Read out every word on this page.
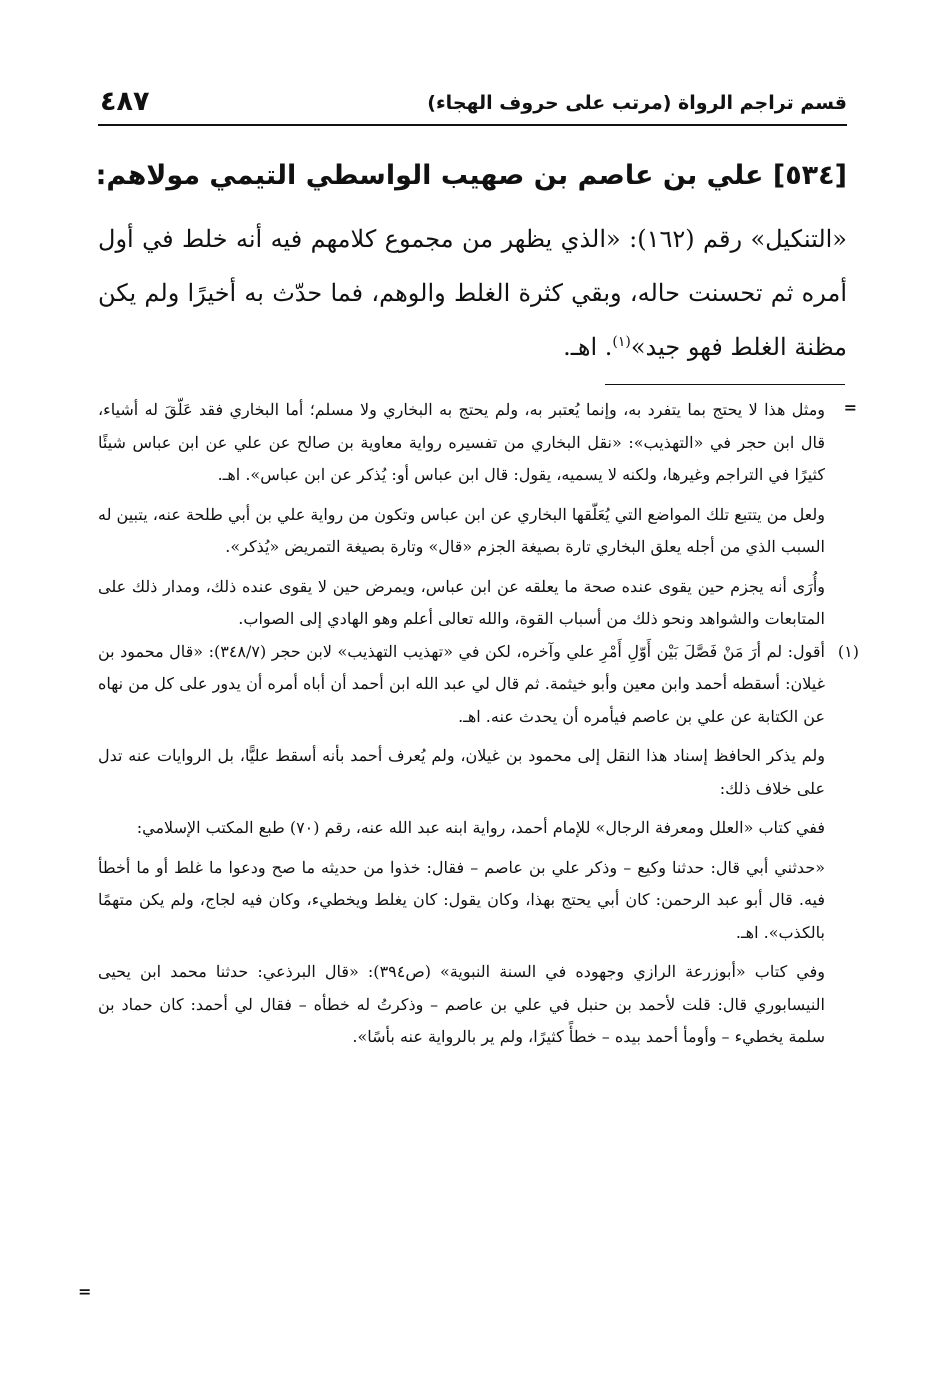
قسم تراجم الرواة (مرتب على حروف الهجاء)
٤٨٧
[٥٣٤] علي بن عاصم بن صهيب الواسطي التيمي مولاهم:

«التنكيل» رقم (١٦٢): «الذي يظهر من مجموع كلامهم فيه أنه خلط في أول أمره ثم تحسنت حاله، وبقي كثرة الغلط والوهم، فما حدّث به أخيرًا ولم يكن مظنة الغلط فهو جيد»$^{(١)}$. اهـ.

=

ومثل هذا لا يحتج بما يتفرد به، وإنما يُعتبر به، ولم يحتج به البخاري ولا مسلم؛ أما البخاري فقد عَلّقَ له أشياء، قال ابن حجر في «التهذيب»: «نقل البخاري من تفسيره رواية معاوية بن صالح عن علي عن ابن عباس شيئًا كثيرًا في التراجم وغيرها، ولكنه لا يسميه، يقول: قال ابن عباس أو: يُذكر عن ابن عباس». اهـ.

ولعل من يتتبع تلك المواضع التي يُعَلّقها البخاري عن ابن عباس وتكون من رواية علي بن أبي طلحة عنه، يتبين له السبب الذي من أجله يعلق البخاري تارة بصيغة الجزم «قال» وتارة بصيغة التمريض «يُذكر».

وأُرَى أنه يجزم حين يقوى عنده صحة ما يعلقه عن ابن عباس، ويمرض حين لا يقوى عنده ذلك، ومدار ذلك على المتابعات والشواهد ونحو ذلك من أسباب القوة، والله تعالى أعلم وهو الهادي إلى الصواب.

(١)
أقول: لم أرَ مَنْ فَصَّلَ بَيْن أَوّلِ أَمْرِ علي وآخره، لكن في «تهذيب التهذيب» لابن حجر (٣٤٨/٧): «قال محمود بن غيلان: أسقطه أحمد وابن معين وأبو خيثمة. ثم قال لي عبد الله ابن أحمد أن أباه أمره أن يدور على كل من نهاه عن الكتابة عن علي بن عاصم فيأمره أن يحدث عنه. اهـ.

ولم يذكر الحافظ إسناد هذا النقل إلى محمود بن غيلان، ولم يُعرف أحمد بأنه أسقط عليًّا، بل الروايات عنه تدل على خلاف ذلك:

ففي كتاب «العلل ومعرفة الرجال» للإمام أحمد، رواية ابنه عبد الله عنه، رقم (٧٠) طبع المكتب الإسلامي:

«حدثني أبي قال: حدثنا وكيع – وذكر علي بن عاصم – فقال: خذوا من حديثه ما صح ودعوا ما غلط أو ما أخطأ فيه. قال أبو عبد الرحمن: كان أبي يحتج بهذا، وكان يقول: كان يغلط ويخطيء، وكان فيه لجاج، ولم يكن متهمًا بالكذب». اهـ.

وفي كتاب «أبوزرعة الرازي وجهوده في السنة النبوية» (ص٣٩٤): «قال البرذعي: حدثنا محمد ابن يحيى النيسابوري قال: قلت لأحمد بن حنبل في علي بن عاصم – وذكرتُ له خطأه – فقال لي أحمد: كان حماد بن سلمة يخطيء – وأومأ أحمد بيده – خطأً كثيرًا، ولم ير بالرواية عنه بأسًا».

=
